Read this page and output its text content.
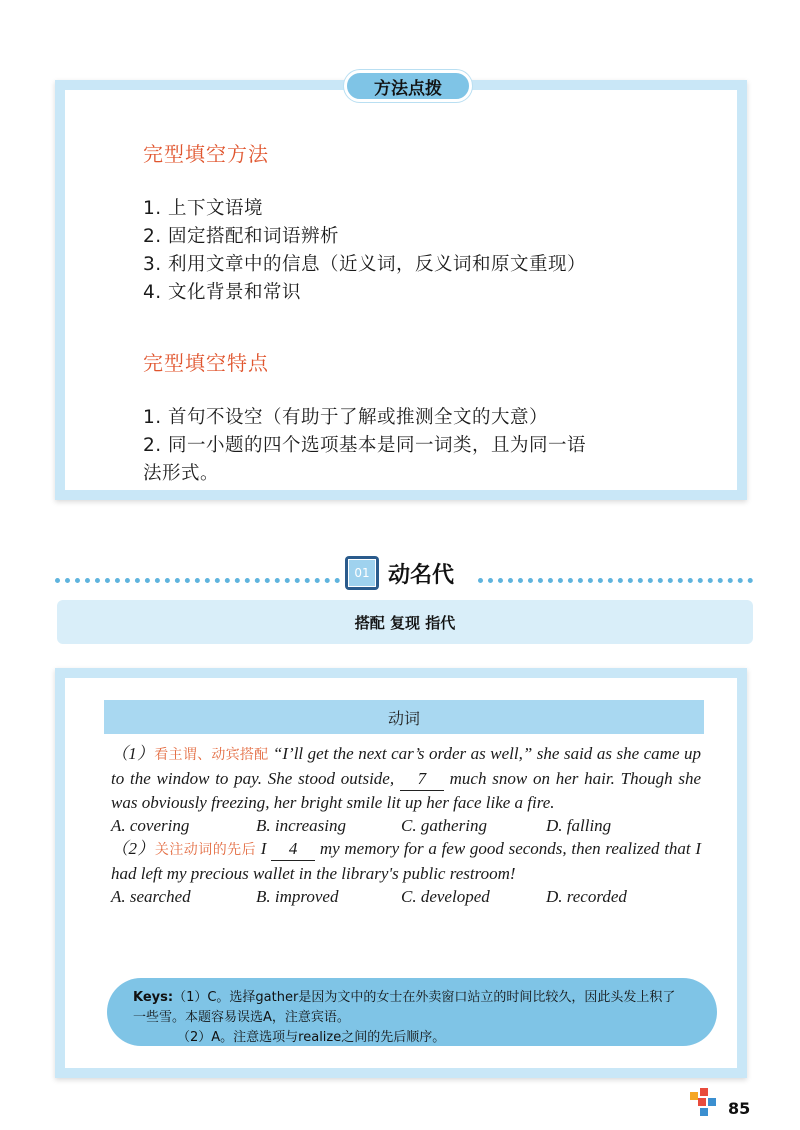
方法点拨
完型填空方法
1. 上下文语境
2. 固定搭配和词语辨析
3. 利用文章中的信息（近义词，反义词和原文重现）
4. 文化背景和常识
完型填空特点
1. 首句不设空（有助于了解或推测全文的大意）
2. 同一小题的四个选项基本是同一词类，且为同一语
法形式。
01 动名代
搭配 复现 指代
动词

（1）看主谓、动宾搭配 “I’ll get the next car’s order as well,” she said as she came up to the window to pay. She stood outside, 7 much snow on her hair. Though she was obviously freezing, her bright smile lit up her face like a fire.

A. covering	B. increasing	C. gathering	D. falling

（2）关注动词的先后 I 4 my memory for a few good seconds, then realized that I had left my precious wallet in the library's public restroom!

A. searched	B. improved	C. developed	D. recorded
Keys:（1）C。选择gather是因为文中的女士在外卖窗口站立的时间比较久，因此头发上积了一些雪。本题容易误选A，注意宾语。
（2）A。注意选项与realize之间的先后顺序。
85
